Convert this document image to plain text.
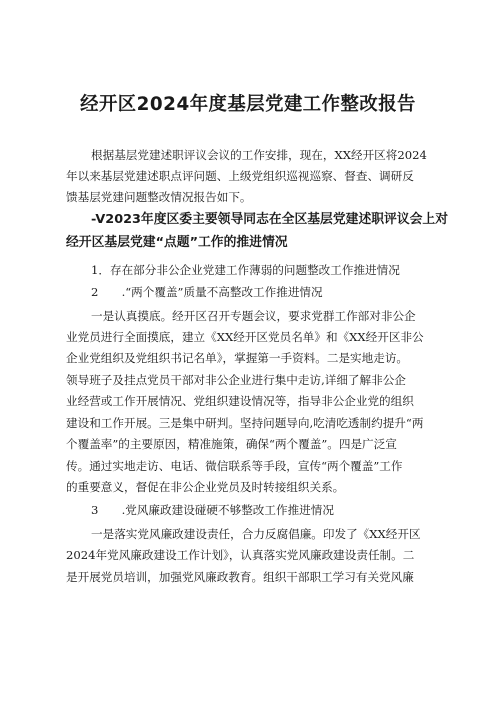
经开区2024年度基层党建工作整改报告
根据基层党建述职评议会议的工作安排，现在，XX经开区将2024
年以来基层党建述职点评问题、上级党组织巡视巡察、督查、调研反
馈基层党建问题整改情况报告如下。
-V2023年度区委主要领导同志在全区基层党建述职评议会上对
经开区基层党建“点题”工作的推进情况
1．存在部分非公企业党建工作薄弱的问题整改工作推进情况
2　　.“两个覆盖”质量不高整改工作推进情况
一是认真摸底。经开区召开专题会议，要求党群工作部对非公企
业党员进行全面摸底，建立《XX经开区党员名单》和《XX经开区非公
企业党组织及党组织书记名单》，掌握第一手资料。二是实地走访。
领导班子及挂点党员干部对非公企业进行集中走访,详细了解非公企
业经营或工作开展情况、党组织建设情况等，指导非公企业党的组织
建设和工作开展。三是集中研判。坚持问题导向,吃清吃透制约提升“两
个覆盖率”的主要原因，精准施策，确保“两个覆盖”。四是广泛宣
传。通过实地走访、电话、微信联系等手段，宣传“两个覆盖”工作
的重要意义，督促在非公企业党员及时转接组织关系。
3　　.党风廉政建设碰硬不够整改工作推进情况
一是落实党风廉政建设责任，合力反腐倡廉。印发了《XX经开区
2024年党风廉政建设工作计划》，认真落实党风廉政建设责任制。二
是开展党员培训，加强党风廉政教育。组织干部职工学习有关党风廉
